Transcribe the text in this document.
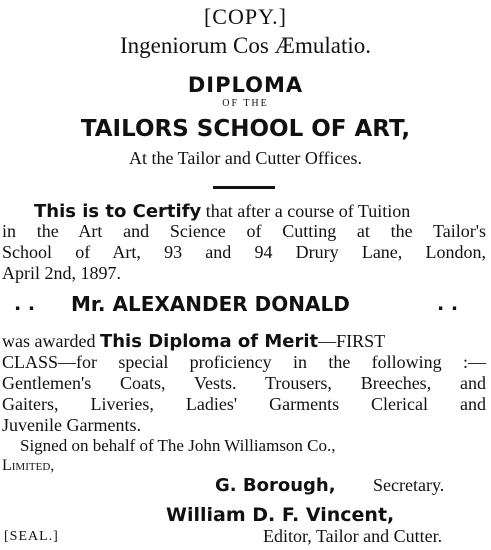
[COPY.]
Ingeniorum Cos Æmulatio.
DIPLOMA
OF THE
TAILORS SCHOOL OF ART,
At the Tailor and Cutter Offices.
This is to Certify that after a course of Tuition
in the Art and Science of Cutting at the Tailor's
School of Art, 93 and 94 Drury Lane, London,
April 2nd, 1897.
. . Mr. ALEXANDER DONALD	. .
was awarded This Diploma of Merit—FIRST
CLASS—for special proficiency in the following :—
Gentlemen's Coats, Vests. Trousers, Breeches, and
Gaiters, Liveries, Ladies' Garments Clerical and
Juvenile Garments.
Signed on behalf of The John Williamson Co.,
Limited,
G. Borough, Secretary.
William D. F. Vincent,
[SEAL.]	Editor, Tailor and Cutter.
